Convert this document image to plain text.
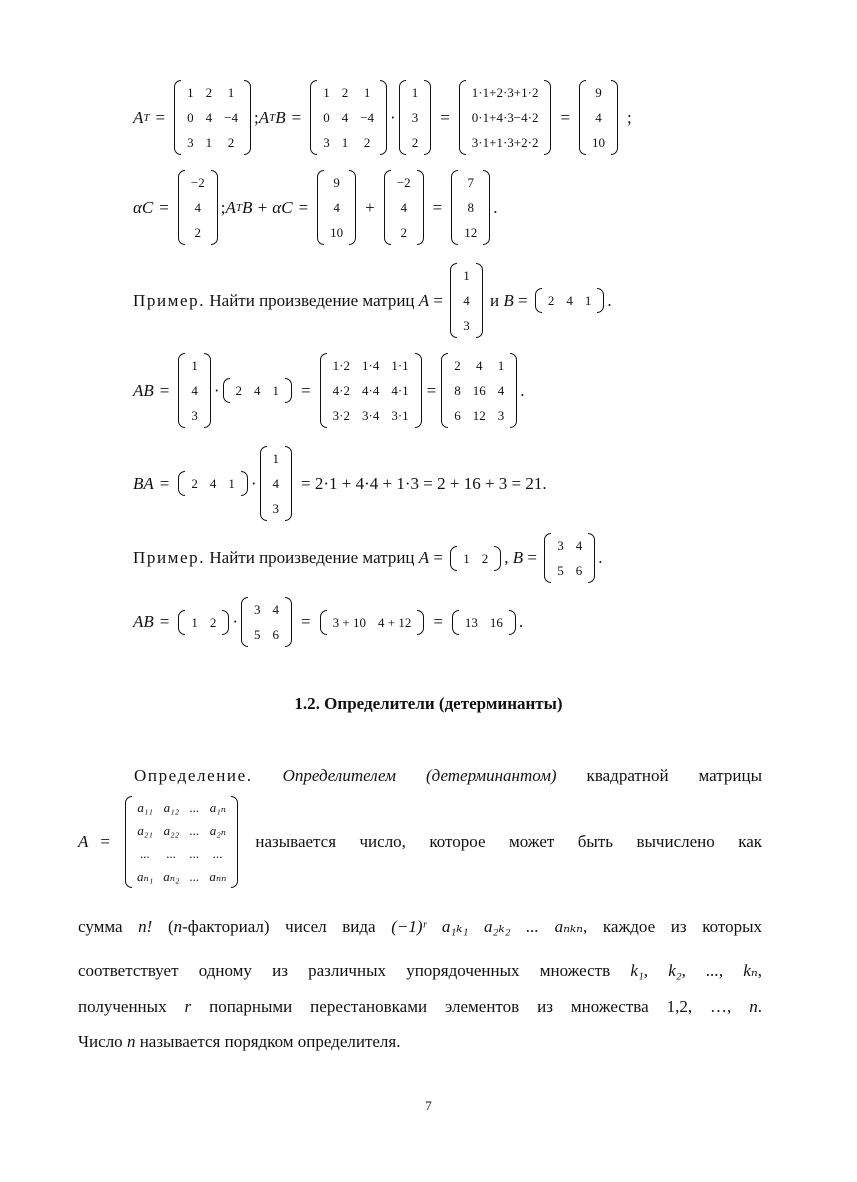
A T =
1	2	1
0	4	−4
3	1	2
; A T B =
1	2	1
0	4	−4
3	1	2
·
1
3
2
=
1·1+2·3+1·2
0·1+4·3−4·2
3·1+1·3+2·2
=
9
4
10
;
αC =
−2
4
2
; A T B + αC =
9
4
10
+
−2
4
2
=
7
8
12
.
Пример. Найти произведение матриц A =
1
4
3
и B = 2	4	1 .
AB =
1
4
3
· 2	4	1 =
1·2	1·4	1·1
4·2	4·4	4·1
3·2	3·4	3·1
=
2	4	1
8	16	4
6	12	3
.
BA = 2	4	1 ·
1
4
3
= 2·1 + 4·4 + 1·3 = 2 + 16 + 3 = 21.
Пример. Найти произведение матриц A = 1	2 , B =
3	4
5	6
.
AB = 1	2 ·
3	4
5	6
= 3 + 10	4 + 12 = 13	16 .
1.2. Определители (детерминанты)
Определение. Определителем (детерминантом) квадратной матрицы
A =
a₁₁	a₁₂	...	a₁ₙ
a₂₁	a₂₂	...	a₂ₙ
...	...	...	...
aₙ₁	aₙ₂	...	aₙₙ
называется число, которое может быть вычислено как
сумма n! (n-факториал) чисел вида (−1)ʳ a₁ₖ₁ a₂ₖ₂ ... aₙₖₙ, каждое из которых
соответствует одному из различных упорядоченных множеств k₁, k₂, ..., kₙ,
полученных r попарными перестановками элементов из множества 1,2, …, n.
Число n называется порядком определителя.
7
